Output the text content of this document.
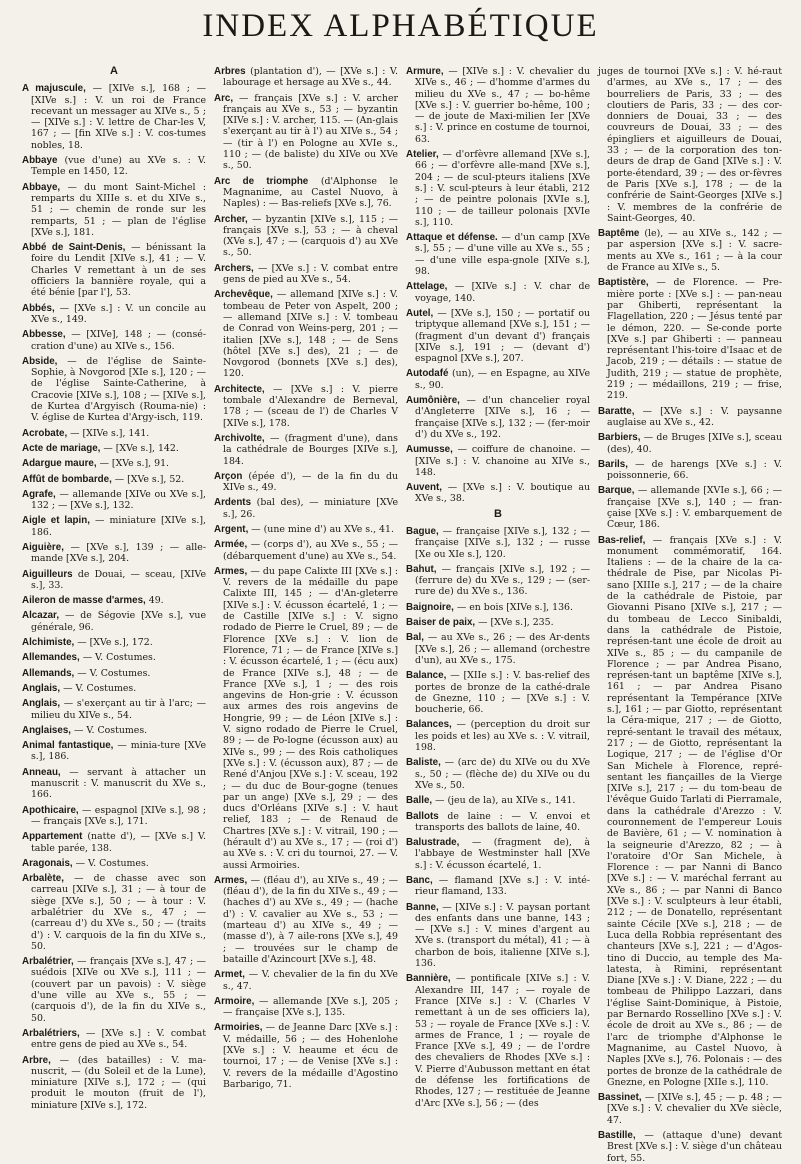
INDEX ALPHABÉTIQUE
A
A majuscule, — [XIVe s.], 168 ; — [XIVe s.] : V. un roi de France recevant un messager au XIVe s., 5 ; — [XIVe s.] : V. lettre de Char-les V, 167 ; — [fin XIVe s.] : V. cos-tumes nobles, 18.
Abbaye (vue d'une) au XVe s. : V. Temple en 1450, 12.
Abbaye, — du mont Saint-Michel : remparts du XIIIe s. et du XIVe s., 51 ; — chemin de ronde sur les remparts, 51 ; — plan de l'église [XVe s.], 181.
Abbé de Saint-Denis, — bénissant la foire du Lendit [XIVe s.], 41 ; — V. Charles V remettant à un de ses officiers la bannière royale, qui a été bénie [par l'], 53.
Abbés, — [XVe s.] : V. un concile au XVe s., 149.
Abbesse, — [XIVe], 148 ; — (consé-cration d'une) au XIVe s., 156.
Abside, — de l'église de Sainte-Sophie, à Novgorod [XIe s.], 120 ; — de l'église Sainte-Catherine, à Cracovie [XIVe s.], 108 ; — [XIVe s.], de Kurtea d'Argyisch (Rouma-nie) : V. église de Kurtea d'Argy-isch, 119.
Acrobate, — [XIVe s.], 141.
Acte de mariage, — [XVe s.], 142.
Adargue maure, — [XVe s.], 91.
Affût de bombarde, — [XVe s.], 52.
Agrafe, — allemande [XIVe ou XVe s.], 132 ; — [XVe s.], 132.
Aigle et lapin, — miniature [XIVe s.], 186.
Aiguière, — [XVe s.], 139 ; — alle-mande [XVe s.], 204.
Aiguilleurs de Douai, — sceau, [XIVe s.], 33.
Aileron de masse d'armes, 49.
Alcazar, — de Ségovie [XVe s.], vue générale, 96.
Alchimiste, — [XVe s.], 172.
Allemandes, — V. Costumes.
Allemands, — V. Costumes.
Anglais, — V. Costumes.
Anglais, — s'exerçant au tir à l'arc; — milieu du XIVe s., 54.
Anglaises, — V. Costumes.
Animal fantastique, — minia-ture [XVe s.], 186.
Anneau, — servant à attacher un manuscrit : V. manuscrit du XVe s., 166.
Apothicaire, — espagnol [XIVe s.], 98 ; — français [XVe s.], 171.
Appartement (natte d'), — [XVe s.] V. table parée, 138.
Aragonais, — V. Costumes.
Arbalète, — de chasse avec son carreau [XIVe s.], 31 ; — à tour de siège [XVe s.], 50 ; — à tour : V. arbalétrier du XVe s., 47 ; — (carreau d') du XVe s., 50 ; — (traits d') : V. carquois de la fin du XIVe s., 50.
Arbalétrier, — français [XVe s.], 47 ; — suédois [XIVe ou XVe s.], 111 ; — (couvert par un pavois) : V. siège d'une ville au XVe s., 55 ; — (carquois d'), de la fin du XIVe s., 50.
Arbalétriers, — [XVe s.] : V. combat entre gens de pied au XVe s., 54.
Arbre, — (des batailles) : V. ma-nuscrit, — (du Soleil et de la Lune), miniature [XIVe s.], 172 ; — (qui produit le mouton (fruit de l'), miniature [XIVe s.], 172.
Arbres (plantation d'), — [XVe s.] : V. labourage et hersage au XVe s., 44.
Arc, — français [XVe s.] : V. archer français au XVe s., 53 ; — byzantin [XIVe s.] : V. archer, 115. — (An-glais s'exerçant au tir à l') au XIVe s., 54 ; — (tir à l') en Pologne au XVIe s., 110 ; — (de baliste) du XIVe ou XVe s., 50.
Arc de triomphe (d'Alphonse le Magnanime, au Castel Nuovo, à Naples) : — Bas-reliefs [XVe s.], 76.
Archer, — byzantin [XIVe s.], 115 ; — français [XVe s.], 53 ; — à cheval (XVe s.], 47 ; — (carquois d') au XVe s., 50.
Archers, — [XVe s.] : V. combat entre gens de pied au XVe s., 54.
Archevêque, — allemand [XIVe s.] : V. tombeau de Peter von Aspelt, 200 ; — allemand [XIVe s.] : V. tombeau de Conrad von Weins-perg, 201 ; — italien [XVe s.], 148 ; — de Sens (hôtel [XVe s.] des), 21 ; — de Novgorod (bonnets [XVe s.] des), 120.
Architecte, — [XVe s.] : V. pierre tombale d'Alexandre de Berneval, 178 ; — (sceau de l') de Charles V [XIVe s.], 178.
Archivolte, — (fragment d'une), dans la cathédrale de Bourges [XIVe s.], 184.
Arçon (épée d'), — de la fin du du XIVe s., 49.
Ardents (bal des), — miniature [XVe s.], 26.
Argent, — (une mine d') au XVe s., 41.
Armée, — (corps d'), au XVe s., 55 ; — (débarquement d'une) au XVe s., 54.
Armes, — du pape Calixte III [XVe s.] : V. revers de la médaille du pape Calixte III, 145 ; — d'An-gleterre [XIVe s.] : V. écusson écartelé, 1 ; — de Castille [XIVe s.] : V. signo rodado de Pierre le Cruel, 89 ; — de Florence [XVe s.] : V. lion de Florence, 71 ; — de France [XIVe s.] : V. écusson écartelé, 1 ; — (écu aux) de France [XIVe s.], 48 ; — de France [XVe s.], 1 ; — des rois angevins de Hon-grie : V. écusson aux armes des rois angevins de Hongrie, 99 ; — de Léon [XIVe s.] : V. signo rodado de Pierre le Cruel, 89 ; — de Po-logne (écusson aux) au XIVe s., 99 ; — des Rois catholiques [XVe s.] : V. (écusson aux), 87 ; — de René d'Anjou [XVe s.] : V. sceau, 192 ; — du duc de Bour-gogne (tenues par un ange) [XVe s.], 29 ; — des ducs d'Orléans [XIVe s.] : V. haut relief, 183 ; — de Renaud de Chartres [XVe s.] : V. vitrail, 190 ; — (hérault d') au XVe s., 17 ; — (roi d') au XVe s. : V. cri du tournoi, 27. — V. aussi Armoiries.
Armes, — (fléau d'), au XIVe s., 49 ; — (fléau d'), de la fin du XIVe s., 49 ; — (haches d') au XVe s., 49 ; — (hache d') : V. cavalier au XVe s., 53 ; — (marteau d') au XIVe s., 49 ; — (masse d'), à 7 aile-rons [XVe s.], 49 ; — trouvées sur le champ de bataille d'Azincourt [XVe s.], 48.
Armet, — V. chevalier de la fin du XVe s., 47.
Armoire, — allemande [XVe s.], 205 ; — française [XVe s.], 135.
Armoiries, — de Jeanne Darc [XVe s.] : V. médaille, 56 ; — des Hohenlohe [XVe s.] : V. heaume et écu de tournoi, 17 ; — de Venise [XVe s.] : V. revers de la médaille d'Agostino Barbarigo, 71.
Armure, — [XIVe s.] : V. chevalier du XIVe s., 46 ; — d'homme d'armes du milieu du XVe s., 47 ; — bo-hême [XVe s.] : V. guerrier bo-hême, 100 ; — de joute de Maxi-milien Ier [XVe s.] : V. prince en costume de tournoi, 63.
Atelier, — d'orfèvre allemand [XVe s.], 66 ; — d'orfèvre alle-mand [XVe s.], 204 ; — de scul-pteurs italiens [XVe s.] : V. scul-pteurs à leur établi, 212 ; — de peintre polonais [XVIe s.], 110 ; — de tailleur polonais [XVIe s.], 110.
Attaque et défense. — d'un camp [XVe s.], 55 ; — d'une ville au XVe s., 55 ; — d'une ville espa-gnole [XIVe s.], 98.
Attelage, — [XIVe s.] : V. char de voyage, 140.
Autel, — [XVe s.], 150 ; — portatif ou triptyque allemand [XVe s.], 151 ; — (fragment d'un devant d') français [XIVe s.], 191 ; — (devant d') espagnol [XVe s.], 207.
Autodafé (un), — en Espagne, au XIVe s., 90.
Aumônière, — d'un chancelier royal d'Angleterre [XIVe s.], 16 ; — française [XIVe s.], 132 ; — (fer-moir d') du XVe s., 192.
Aumusse, — coiffure de chanoine. — [XIVe s.] : V. chanoine au XIVe s., 148.
Auvent, — [XVe s.] : V. boutique au XVe s., 38.
B
Bague, — française [XIVe s.], 132 ; — française [XIVe s.], 132 ; — russe [Xe ou XIe s.], 120.
Bahut, — français [XIVe s.], 192 ; — (ferrure de) du XVe s., 129 ; — (ser-rure de) du XVe s., 136.
Baignoire, — en bois [XIVe s.], 136.
Baiser de paix, — [XVe s.], 235.
Bal, — au XVe s., 26 ; — des Ar-dents [XVe s.], 26 ; — allemand (orchestre d'un), au XVe s., 175.
Balance, — [XIIe s.] : V. bas-relief des portes de bronze de la cathé-drale de Gnezne, 110 ; — [XVe s.] : V. boucherie, 66.
Balances, — (perception du droit sur les poids et les) au XVe s. : V. vitrail, 198.
Baliste, — (arc de) du XIVe ou du XVe s., 50 ; — (flèche de) du XIVe ou du XVe s., 50.
Balle, — (jeu de la), au XIVe s., 141.
Ballots de laine : — V. envoi et transports des ballots de laine, 40.
Balustrade, — (fragment de), à l'abbaye de Westminster hall [XVe s.] : V. écusson écartelé, 1.
Banc, — flamand [XVe s.] : V. inté-rieur flamand, 133.
Banne, — [XIVe s.] : V. paysan portant des enfants dans une banne, 143 ; — [XVe s.] : V. mines d'argent au XVe s. (transport du métal), 41 ; — à charbon de bois, italienne [XIVe s.], 136.
Bannière, — pontificale [XIVe s.] : V. Alexandre III, 147 ; — royale de France [XIVe s.] : V. (Charles V remettant à un de ses officiers la), 53 ; — royale de France [XVe s.] : V. armes de France, 1 ; — royale de France [XVe s.], 49 ; — de l'ordre des chevaliers de Rhodes [XVe s.] : V. Pierre d'Aubusson mettant en état de défense les fortifications de Rhodes, 127 ; — restituée de Jeanne d'Arc [XVe s.], 56 ; — (des
juges de tournoi [XVe s.] : V. hé-raut d'armes, au XVe s., 17 ; — des bourreliers de Paris, 33 ; — des cloutiers de Paris, 33 ; — des cor-donniers de Douai, 33 ; — des couvreurs de Douai, 33 ; — des épingliers et aiguilleurs de Douai, 33 ; — de la corporation des ton-deurs de drap de Gand [XIVe s.] : V. porte-étendard, 39 ; — des or-fèvres de Paris [XVe s.], 178 ; — de la confrérie de Saint-Georges [XIVe s.] : V. membres de la confrérie de Saint-Georges, 40.
Baptême (le), — au XIVe s., 142 ; — par aspersion [XVe s.] : V. sacre-ments au XVe s., 161 ; — à la cour de France au XIVe s., 5.
Baptistère, — de Florence. — Pre-mière porte : [XVe s.] : — pan-neau par Ghiberti, représentant la Flagellation, 220 ; — Jésus tenté par le démon, 220. — Se-conde porte [XVe s.] par Ghiberti : — panneau représentant l'his-toire d'Isaac et de Jacob, 219 ; — détails : — statue de Judith, 219 ; — statue de prophète, 219 ; — médaillons, 219 ; — frise, 219.
Baratte, — [XVe s.] : V. paysanne auglaise au XVe s., 42.
Barbiers, — de Bruges [XIVe s.], sceau (des), 40.
Barils, — de harengs [XVe s.] : V. poissonnerie, 66.
Barque, — allemande [XVIe s.], 66 ; — française [XVe s.], 140 ; — fran-çaise [XVe s.] : V. embarquement de Cœur, 186.
Bas-relief, — français [XVe s.] : V. monument commémoratif, 164. Italiens : — de la chaire de la ca-thédrale de Pise, par Nicolas Pi-sano [XIIIe s.], 217 ; — de la chaire de la cathédrale de Pistoie, par Giovanni Pisano [XIVe s.], 217 ; — du tombeau de Lecco Sinibaldi, dans la cathédrale de Pistoie, représen-tant une école de droit au XIVe s., 85 ; — du campanile de Florence ; — par Andrea Pisano, représen-tant un baptême [XIVe s.], 161 ; — par Andrea Pisano représentant la Tempérance [XIVe s.], 161 ; — par Giotto, représentant la Céra-mique, 217 ; — de Giotto, repré-sentant le travail des métaux, 217 ; — de Giotto, représentant la Logique, 217 ; — de l'église d'Or San Michele à Florence, repré-sentant les fiançailles de la Vierge [XIVe s.], 217 ; — du tom-beau de l'évêque Guido Tarlati di Pierramale, dans la cathédrale d'Arezzo : V. couronnement de l'empereur Louis de Bavière, 61 ; — V. nomination à la seigneurie d'Arezzo, 82 ; — à l'oratoire d'Or San Michele, à Florence : — par Nanni di Banco [XVe s.] : — V. maréchal ferrant au XVe s., 86 ; — par Nanni di Banco [XVe s.] : V. sculpteurs à leur établi, 212 ; — de Donatello, représentant sainte Cécile [XVe s.], 218 ; — de Luca della Robbia représentant des chanteurs [XVe s.], 221 ; — d'Agos-tino di Duccio, au temple des Ma-latesta, à Rimini, représentant Diane [XVe s.] : V. Diane, 222 ; — du tombeau de Philippo Lazzari, dans l'église Saint-Dominique, à Pistoie, par Bernardo Rossellino [XVe s.] : V. école de droit au XVe s., 86 ; — de l'arc de triomphe d'Alphonse le Magnanime, au Castel Nuovo, à Naples [XVe s.], 76. Polonais : — des portes de bronze de la cathédrale de Gnezne, en Pologne [XIIe s.], 110.
Bassinet, — [XIVe s.], 45 ; — p. 48 ; — [XVe s.] : V. chevalier du XVe siècle, 47.
Bastille, — (attaque d'une) devant Brest [XVe s.] : V. siège d'un château fort, 55.
